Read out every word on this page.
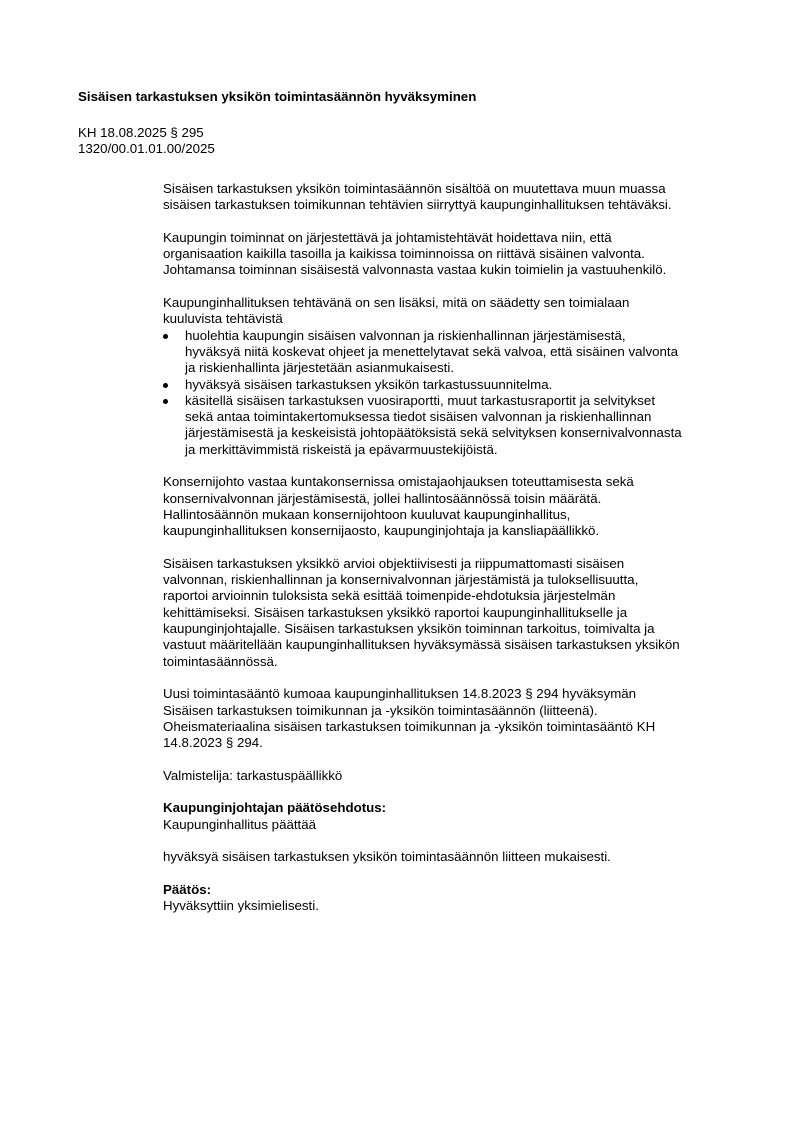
Sisäisen tarkastuksen yksikön toimintasäännön hyväksyminen
KH 18.08.2025 § 295
1320/00.01.01.00/2025
Sisäisen tarkastuksen yksikön toimintasäännön sisältöä on muutettava muun muassa
sisäisen tarkastuksen toimikunnan tehtävien siirryttyä kaupunginhallituksen tehtäväksi.
Kaupungin toiminnat on järjestettävä ja johtamistehtävät hoidettava niin, että
organisaation kaikilla tasoilla ja kaikissa toiminnoissa on riittävä sisäinen valvonta.
Johtamansa toiminnan sisäisestä valvonnasta vastaa kukin toimielin ja vastuuhenkilö.
Kaupunginhallituksen tehtävänä on sen lisäksi, mitä on säädetty sen toimialaan
kuuluvista tehtävistä
huolehtia kaupungin sisäisen valvonnan ja riskienhallinnan järjestämisestä,
hyväksyä niitä koskevat ohjeet ja menettelytavat sekä valvoa, että sisäinen valvonta
ja riskienhallinta järjestetään asianmukaisesti.
hyväksyä sisäisen tarkastuksen yksikön tarkastussuunnitelma.
käsitellä sisäisen tarkastuksen vuosiraportti, muut tarkastusraportit ja selvitykset
sekä antaa toimintakertomuksessa tiedot sisäisen valvonnan ja riskienhallinnan
järjestämisestä ja keskeisistä johtopäätöksistä sekä selvityksen konsernivalvonnasta
ja merkittävimmistä riskeistä ja epävarmuustekijöistä.
Konsernijohto vastaa kuntakonsernissa omistajaohjauksen toteuttamisesta sekä
konsernivalvonnan järjestämisestä, jollei hallintosäännössä toisin määrätä.
Hallintosäännön mukaan konsernijohtoon kuuluvat kaupunginhallitus,
kaupunginhallituksen konsernijaosto, kaupunginjohtaja ja kansliapäällikkö.
Sisäisen tarkastuksen yksikkö arvioi objektiivisesti ja riippumattomasti sisäisen
valvonnan, riskienhallinnan ja konsernivalvonnan järjestämistä ja tuloksellisuutta,
raportoi arvioinnin tuloksista sekä esittää toimenpide-ehdotuksia järjestelmän
kehittämiseksi. Sisäisen tarkastuksen yksikkö raportoi kaupunginhallitukselle ja
kaupunginjohtajalle. Sisäisen tarkastuksen yksikön toiminnan tarkoitus, toimivalta ja
vastuut määritellään kaupunginhallituksen hyväksymässä sisäisen tarkastuksen yksikön
toimintasäännössä.
Uusi toimintasääntö kumoaa kaupunginhallituksen 14.8.2023 § 294 hyväksymän
Sisäisen tarkastuksen toimikunnan ja -yksikön toimintasäännön (liitteenä).
Oheismateriaalina sisäisen tarkastuksen toimikunnan ja -yksikön toimintasääntö KH
14.8.2023 § 294.
Valmistelija: tarkastuspäällikkö
Kaupunginjohtajan päätösehdotus:
Kaupunginhallitus päättää
hyväksyä sisäisen tarkastuksen yksikön toimintasäännön liitteen mukaisesti.
Päätös:
Hyväksyttiin yksimielisesti.
